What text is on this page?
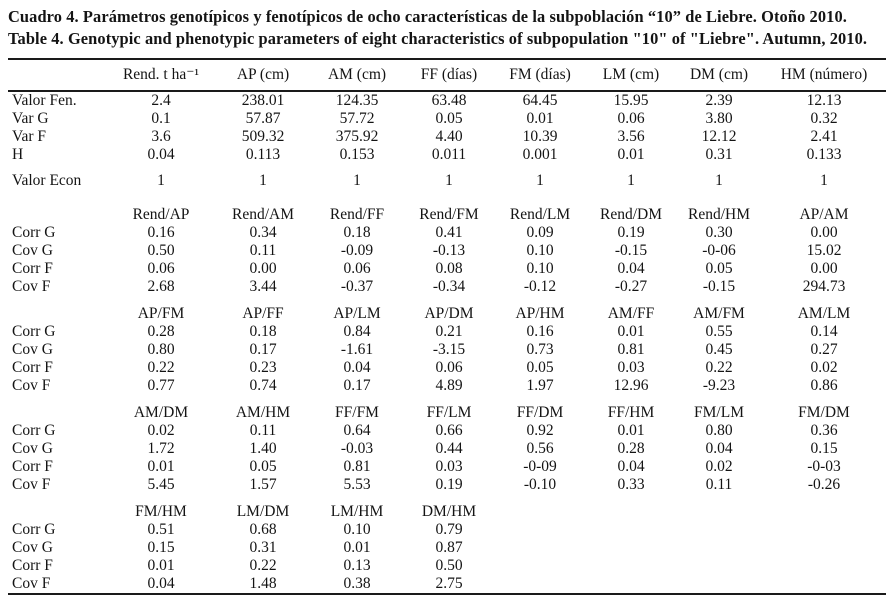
Cuadro 4. Parámetros genotípicos y fenotípicos de ocho características de la subpoblación “10” de Liebre. Otoño 2010.
Table 4. Genotypic and phenotypic parameters of eight characteristics of subpopulation "10" of "Liebre". Autumn, 2010.
	Rend. t ha⁻¹	AP (cm)	AM (cm)	FF (días)	FM (días)	LM (cm)	DM (cm)	HM (número)
Valor Fen.	2.4	238.01	124.35	63.48	64.45	15.95	2.39	12.13
Var G	0.1	57.87	57.72	0.05	0.01	0.06	3.80	0.32
Var F	3.6	509.32	375.92	4.40	10.39	3.56	12.12	2.41
H	0.04	0.113	0.153	0.011	0.001	0.01	0.31	0.133
Valor Econ	1	1	1	1	1	1	1	1
	Rend/AP	Rend/AM	Rend/FF	Rend/FM	Rend/LM	Rend/DM	Rend/HM	AP/AM
Corr G	0.16	0.34	0.18	0.41	0.09	0.19	0.30	0.00
Cov G	0.50	0.11	-0.09	-0.13	0.10	-0.15	-0-06	15.02
Corr F	0.06	0.00	0.06	0.08	0.10	0.04	0.05	0.00
Cov F	2.68	3.44	-0.37	-0.34	-0.12	-0.27	-0.15	294.73
	AP/FM	AP/FF	AP/LM	AP/DM	AP/HM	AM/FF	AM/FM	AM/LM
Corr G	0.28	0.18	0.84	0.21	0.16	0.01	0.55	0.14
Cov G	0.80	0.17	-1.61	-3.15	0.73	0.81	0.45	0.27
Corr F	0.22	0.23	0.04	0.06	0.05	0.03	0.22	0.02
Cov F	0.77	0.74	0.17	4.89	1.97	12.96	-9.23	0.86
	AM/DM	AM/HM	FF/FM	FF/LM	FF/DM	FF/HM	FM/LM	FM/DM
Corr G	0.02	0.11	0.64	0.66	0.92	0.01	0.80	0.36
Cov G	1.72	1.40	-0.03	0.44	0.56	0.28	0.04	0.15
Corr F	0.01	0.05	0.81	0.03	-0-09	0.04	0.02	-0-03
Cov F	5.45	1.57	5.53	0.19	-0.10	0.33	0.11	-0.26
	FM/HM	LM/DM	LM/HM	DM/HM				
Corr G	0.51	0.68	0.10	0.79				
Cov G	0.15	0.31	0.01	0.87				
Corr F	0.01	0.22	0.13	0.50				
Cov F	0.04	1.48	0.38	2.75				
